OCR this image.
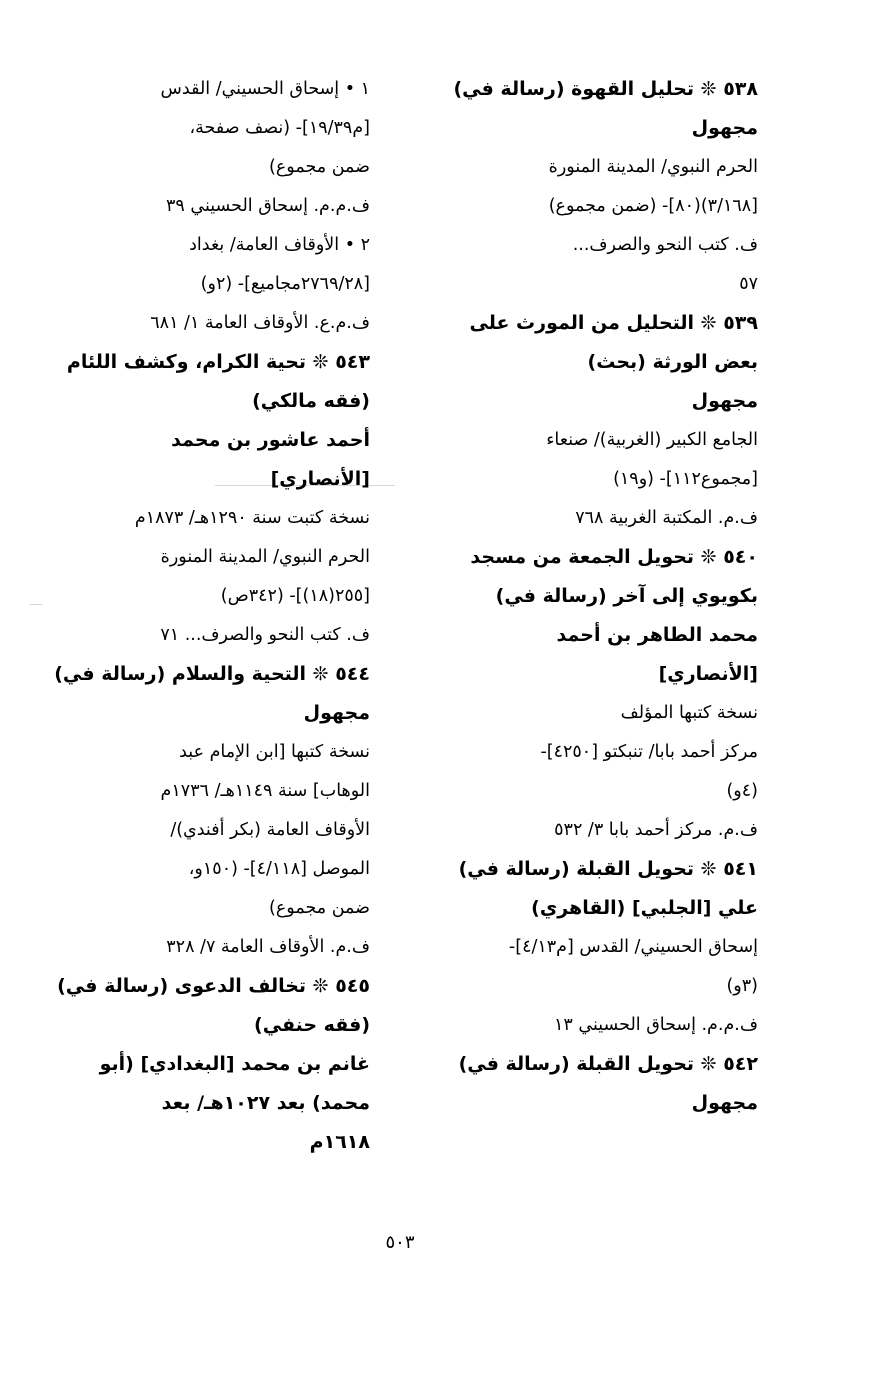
٥٣٨ ❊ تحليل القهوة (رسالة في)
مجهول
الحرم النبوي/ المدينة المنورة
[٣/١٦٨)(٨٠]- (ضمن مجموع)
ف. كتب النحو والصرف...
٥٧
٥٣٩ ❊ التحليل من المورث على
بعض الورثة (بحث)
مجهول
الجامع الكبير (الغربية)/ صنعاء
[مجموع١١٢]- (و١٩)
ف.م. المكتبة الغربية ٧٦٨
٥٤٠ ❊ تحويل الجمعة من مسجد
بكويوي إلى آخر (رسالة في)
محمد الطاهر بن أحمد
[الأنصاري]
نسخة كتبها المؤلف
مركز أحمد بابا/ تنبكتو [٤٢٥٠]-
(٤و)
ف.م. مركز أحمد بابا ٣/ ٥٣٢
٥٤١ ❊ تحويل القبلة (رسالة في)
علي [الجلبي] (القاهري)
إسحاق الحسيني/ القدس [م٤/١٣]-
(٣و)
ف.م.م. إسحاق الحسيني ١٣
٥٤٢ ❊ تحويل القبلة (رسالة في)
مجهول
١ • إسحاق الحسيني/ القدس
[م١٩/٣٩]- (نصف صفحة،
ضمن مجموع)
ف.م.م. إسحاق الحسيني ٣٩
٢ • الأوقاف العامة/ بغداد
[٢٧٦٩/٢٨مجاميع]- (٢و)
ف.م.ع. الأوقاف العامة ١/ ٦٨١
٥٤٣ ❊ تحية الكرام، وكشف اللئام
(فقه مالكي)
أحمد عاشور بن محمد
[الأنصاري]
نسخة كتبت سنة ١٢٩٠هـ/ ١٨٧٣م
الحرم النبوي/ المدينة المنورة
[٢٥٥(١٨)]- (٣٤٢ص)
ف. كتب النحو والصرف... ٧١
٥٤٤ ❊ التحية والسلام (رسالة في)
مجهول
نسخة كتبها [ابن الإمام عبد
الوهاب] سنة ١١٤٩هـ/ ١٧٣٦م
الأوقاف العامة (بكر أفندي)/
الموصل [٤/١١٨]- (١٥٠و،
ضمن مجموع)
ف.م. الأوقاف العامة ٧/ ٣٢٨
٥٤٥ ❊ تخالف الدعوى (رسالة في)
(فقه حنفي)
غانم بن محمد [البغدادي] (أبو
محمد) بعد ١٠٢٧هـ/ بعد
١٦١٨م
٥٠٣
